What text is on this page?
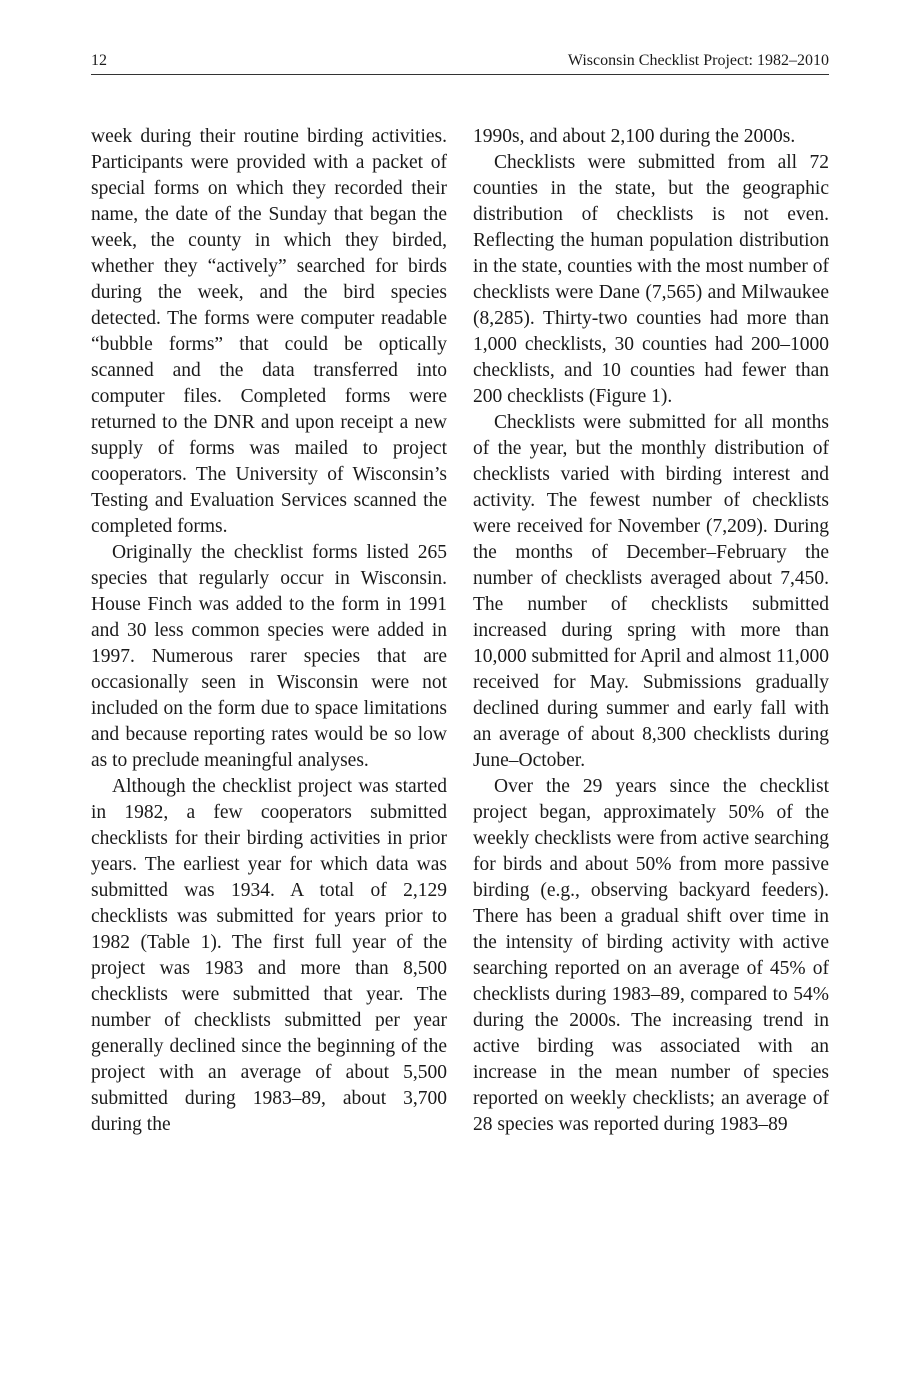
12	Wisconsin Checklist Project: 1982–2010

week during their routine birding activities. Participants were provided with a packet of special forms on which they recorded their name, the date of the Sunday that began the week, the county in which they birded, whether they “actively” searched for birds during the week, and the bird species detected. The forms were computer readable “bubble forms” that could be optically scanned and the data transferred into computer files. Completed forms were returned to the DNR and upon receipt a new supply of forms was mailed to project cooperators. The University of Wisconsin’s Testing and Evaluation Services scanned the completed forms.

Originally the checklist forms listed 265 species that regularly occur in Wisconsin. House Finch was added to the form in 1991 and 30 less common species were added in 1997. Numerous rarer species that are occasionally seen in Wisconsin were not included on the form due to space limitations and because reporting rates would be so low as to preclude meaningful analyses.

Although the checklist project was started in 1982, a few cooperators submitted checklists for their birding activities in prior years. The earliest year for which data was submitted was 1934. A total of 2,129 checklists was submitted for years prior to 1982 (Table 1). The first full year of the project was 1983 and more than 8,500 checklists were submitted that year. The number of checklists submitted per year generally declined since the beginning of the project with an average of about 5,500 submitted during 1983–89, about 3,700 during the

1990s, and about 2,100 during the 2000s.

Checklists were submitted from all 72 counties in the state, but the geographic distribution of checklists is not even. Reflecting the human population distribution in the state, counties with the most number of checklists were Dane (7,565) and Milwaukee (8,285). Thirty-two counties had more than 1,000 checklists, 30 counties had 200–1000 checklists, and 10 counties had fewer than 200 checklists (Figure 1).

Checklists were submitted for all months of the year, but the monthly distribution of checklists varied with birding interest and activity. The fewest number of checklists were received for November (7,209). During the months of December–February the number of checklists averaged about 7,450. The number of checklists submitted increased during spring with more than 10,000 submitted for April and almost 11,000 received for May. Submissions gradually declined during summer and early fall with an average of about 8,300 checklists during June–October.

Over the 29 years since the checklist project began, approximately 50% of the weekly checklists were from active searching for birds and about 50% from more passive birding (e.g., observing backyard feeders). There has been a gradual shift over time in the intensity of birding activity with active searching reported on an average of 45% of checklists during 1983–89, compared to 54% during the 2000s. The increasing trend in active birding was associated with an increase in the mean number of species reported on weekly checklists; an average of 28 species was reported during 1983–89
